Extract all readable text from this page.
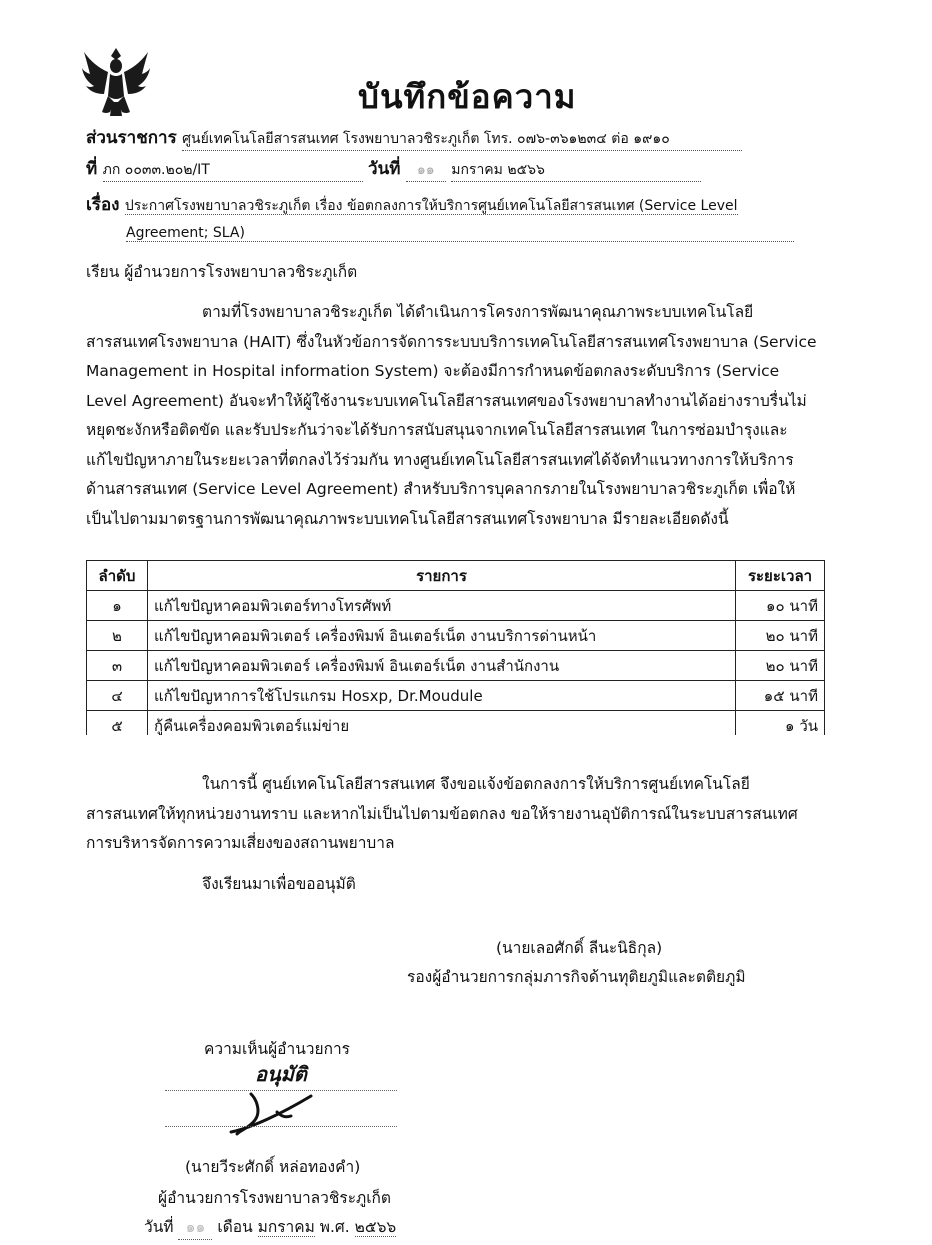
บันทึกข้อความ
ส่วนราชการ ศูนย์เทคโนโลยีสารสนเทศ โรงพยาบาลวชิระภูเก็ต โทร. ๐๗๖-๓๖๑๒๓๔ ต่อ ๑๙๑๐
ที่ ภก ๐๐๓๓.๒๐๒/IT	วันที่ ๑๑ มกราคม ๒๕๖๖
เรื่อง ประกาศโรงพยาบาลวชิระภูเก็ต เรื่อง ข้อตกลงการให้บริการศูนย์เทคโนโลยีสารสนเทศ (Service Level
Agreement; SLA)
เรียน ผู้อำนวยการโรงพยาบาลวชิระภูเก็ต

ตามที่โรงพยาบาลวชิระภูเก็ต ได้ดำเนินการโครงการพัฒนาคุณภาพระบบเทคโนโลยี

สารสนเทศโรงพยาบาล (HAIT) ซึ่งในหัวข้อการจัดการระบบบริการเทคโนโลยีสารสนเทศโรงพยาบาล (Service

Management in Hospital information System) จะต้องมีการกำหนดข้อตกลงระดับบริการ (Service

Level Agreement) อันจะทำให้ผู้ใช้งานระบบเทคโนโลยีสารสนเทศของโรงพยาบาลทำงานได้อย่างราบรื่นไม่

หยุดชะงักหรือติดขัด และรับประกันว่าจะได้รับการสนับสนุนจากเทคโนโลยีสารสนเทศ ในการซ่อมบำรุงและ

แก้ไขปัญหาภายในระยะเวลาที่ตกลงไว้ร่วมกัน ทางศูนย์เทคโนโลยีสารสนเทศได้จัดทำแนวทางการให้บริการ

ด้านสารสนเทศ (Service Level Agreement) สำหรับบริการบุคลากรภายในโรงพยาบาลวชิระภูเก็ต เพื่อให้

เป็นไปตามมาตรฐานการพัฒนาคุณภาพระบบเทคโนโลยีสารสนเทศโรงพยาบาล มีรายละเอียดดังนี้

ลำดับ	รายการ	ระยะเวลา
๑	แก้ไขปัญหาคอมพิวเตอร์ทางโทรศัพท์	๑๐ นาที
๒	แก้ไขปัญหาคอมพิวเตอร์ เครื่องพิมพ์ อินเตอร์เน็ต งานบริการด่านหน้า	๒๐ นาที
๓	แก้ไขปัญหาคอมพิวเตอร์ เครื่องพิมพ์ อินเตอร์เน็ต งานสำนักงาน	๒๐ นาที
๔	แก้ไขปัญหาการใช้โปรแกรม Hosxp, Dr.Moudule	๑๕ นาที
๕	กู้คืนเครื่องคอมพิวเตอร์แม่ข่าย	๑ วัน

ในการนี้ ศูนย์เทคโนโลยีสารสนเทศ จึงขอแจ้งข้อตกลงการให้บริการศูนย์เทคโนโลยี

สารสนเทศให้ทุกหน่วยงานทราบ และหากไม่เป็นไปตามข้อตกลง ขอให้รายงานอุบัติการณ์ในระบบสารสนเทศ

การบริหารจัดการความเสี่ยงของสถานพยาบาล

จึงเรียนมาเพื่อขออนุมัติ
(นายเลอศักดิ์ ลีนะนิธิกุล)
รองผู้อำนวยการกลุ่มภารกิจด้านทุติยภูมิและตติยภูมิ
ความเห็นผู้อำนวยการ
อนุมัติ
(นายวีระศักดิ์ หล่อทองคำ)
ผู้อำนวยการโรงพยาบาลวชิระภูเก็ต
วันที่ ๑๑ เดือน มกราคม พ.ศ. ๒๕๖๖
